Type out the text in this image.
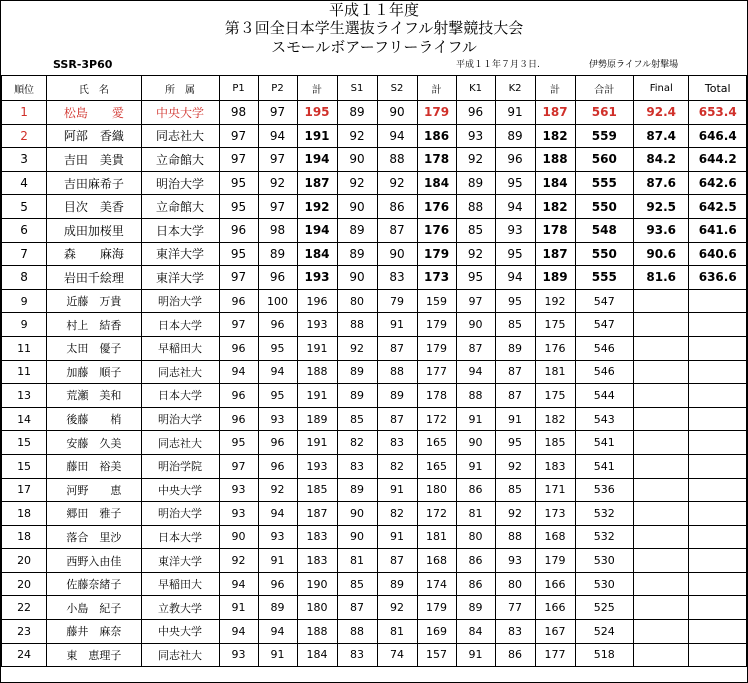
平成１１年度
第３回全日本学生選抜ライフル射撃競技大会
スモールボアーフリーライフル
SSR-3P60	平成１１年７月３日.	伊勢原ライフル射撃場
順位	氏　名	所　属	P1	P2	計	S1	S2	計	K1	K2	計	合計	Final	Total
1	松島　　愛	中央大学	98	97	195	89	90	179	96	91	187	561	92.4	653.4
2	阿部　香織	同志社大	97	94	191	92	94	186	93	89	182	559	87.4	646.4
3	吉田　美貴	立命館大	97	97	194	90	88	178	92	96	188	560	84.2	644.2
4	吉田麻希子	明治大学	95	92	187	92	92	184	89	95	184	555	87.6	642.6
5	目次　美香	立命館大	95	97	192	90	86	176	88	94	182	550	92.5	642.5
6	成田加桜里	日本大学	96	98	194	89	87	176	85	93	178	548	93.6	641.6
7	森　　麻海	東洋大学	95	89	184	89	90	179	92	95	187	550	90.6	640.6
8	岩田千絵理	東洋大学	97	96	193	90	83	173	95	94	189	555	81.6	636.6
9	近藤　万貴	明治大学	96	100	196	80	79	159	97	95	192	547		
9	村上　結香	日本大学	97	96	193	88	91	179	90	85	175	547		
11	太田　優子	早稲田大	96	95	191	92	87	179	87	89	176	546		
11	加藤　順子	同志社大	94	94	188	89	88	177	94	87	181	546		
13	荒瀬　美和	日本大学	96	95	191	89	89	178	88	87	175	544		
14	後藤　　梢	明治大学	96	93	189	85	87	172	91	91	182	543		
15	安藤　久美	同志社大	95	96	191	82	83	165	90	95	185	541		
15	藤田　裕美	明治学院	97	96	193	83	82	165	91	92	183	541		
17	河野　　恵	中央大学	93	92	185	89	91	180	86	85	171	536		
18	郷田　雅子	明治大学	93	94	187	90	82	172	81	92	173	532		
18	落合　里沙	日本大学	90	93	183	90	91	181	80	88	168	532		
20	西野入由佳	東洋大学	92	91	183	81	87	168	86	93	179	530		
20	佐藤奈緒子	早稲田大	94	96	190	85	89	174	86	80	166	530		
22	小島　紀子	立教大学	91	89	180	87	92	179	89	77	166	525		
23	藤井　麻奈	中央大学	94	94	188	88	81	169	84	83	167	524		
24	東　恵理子	同志社大	93	91	184	83	74	157	91	86	177	518		
